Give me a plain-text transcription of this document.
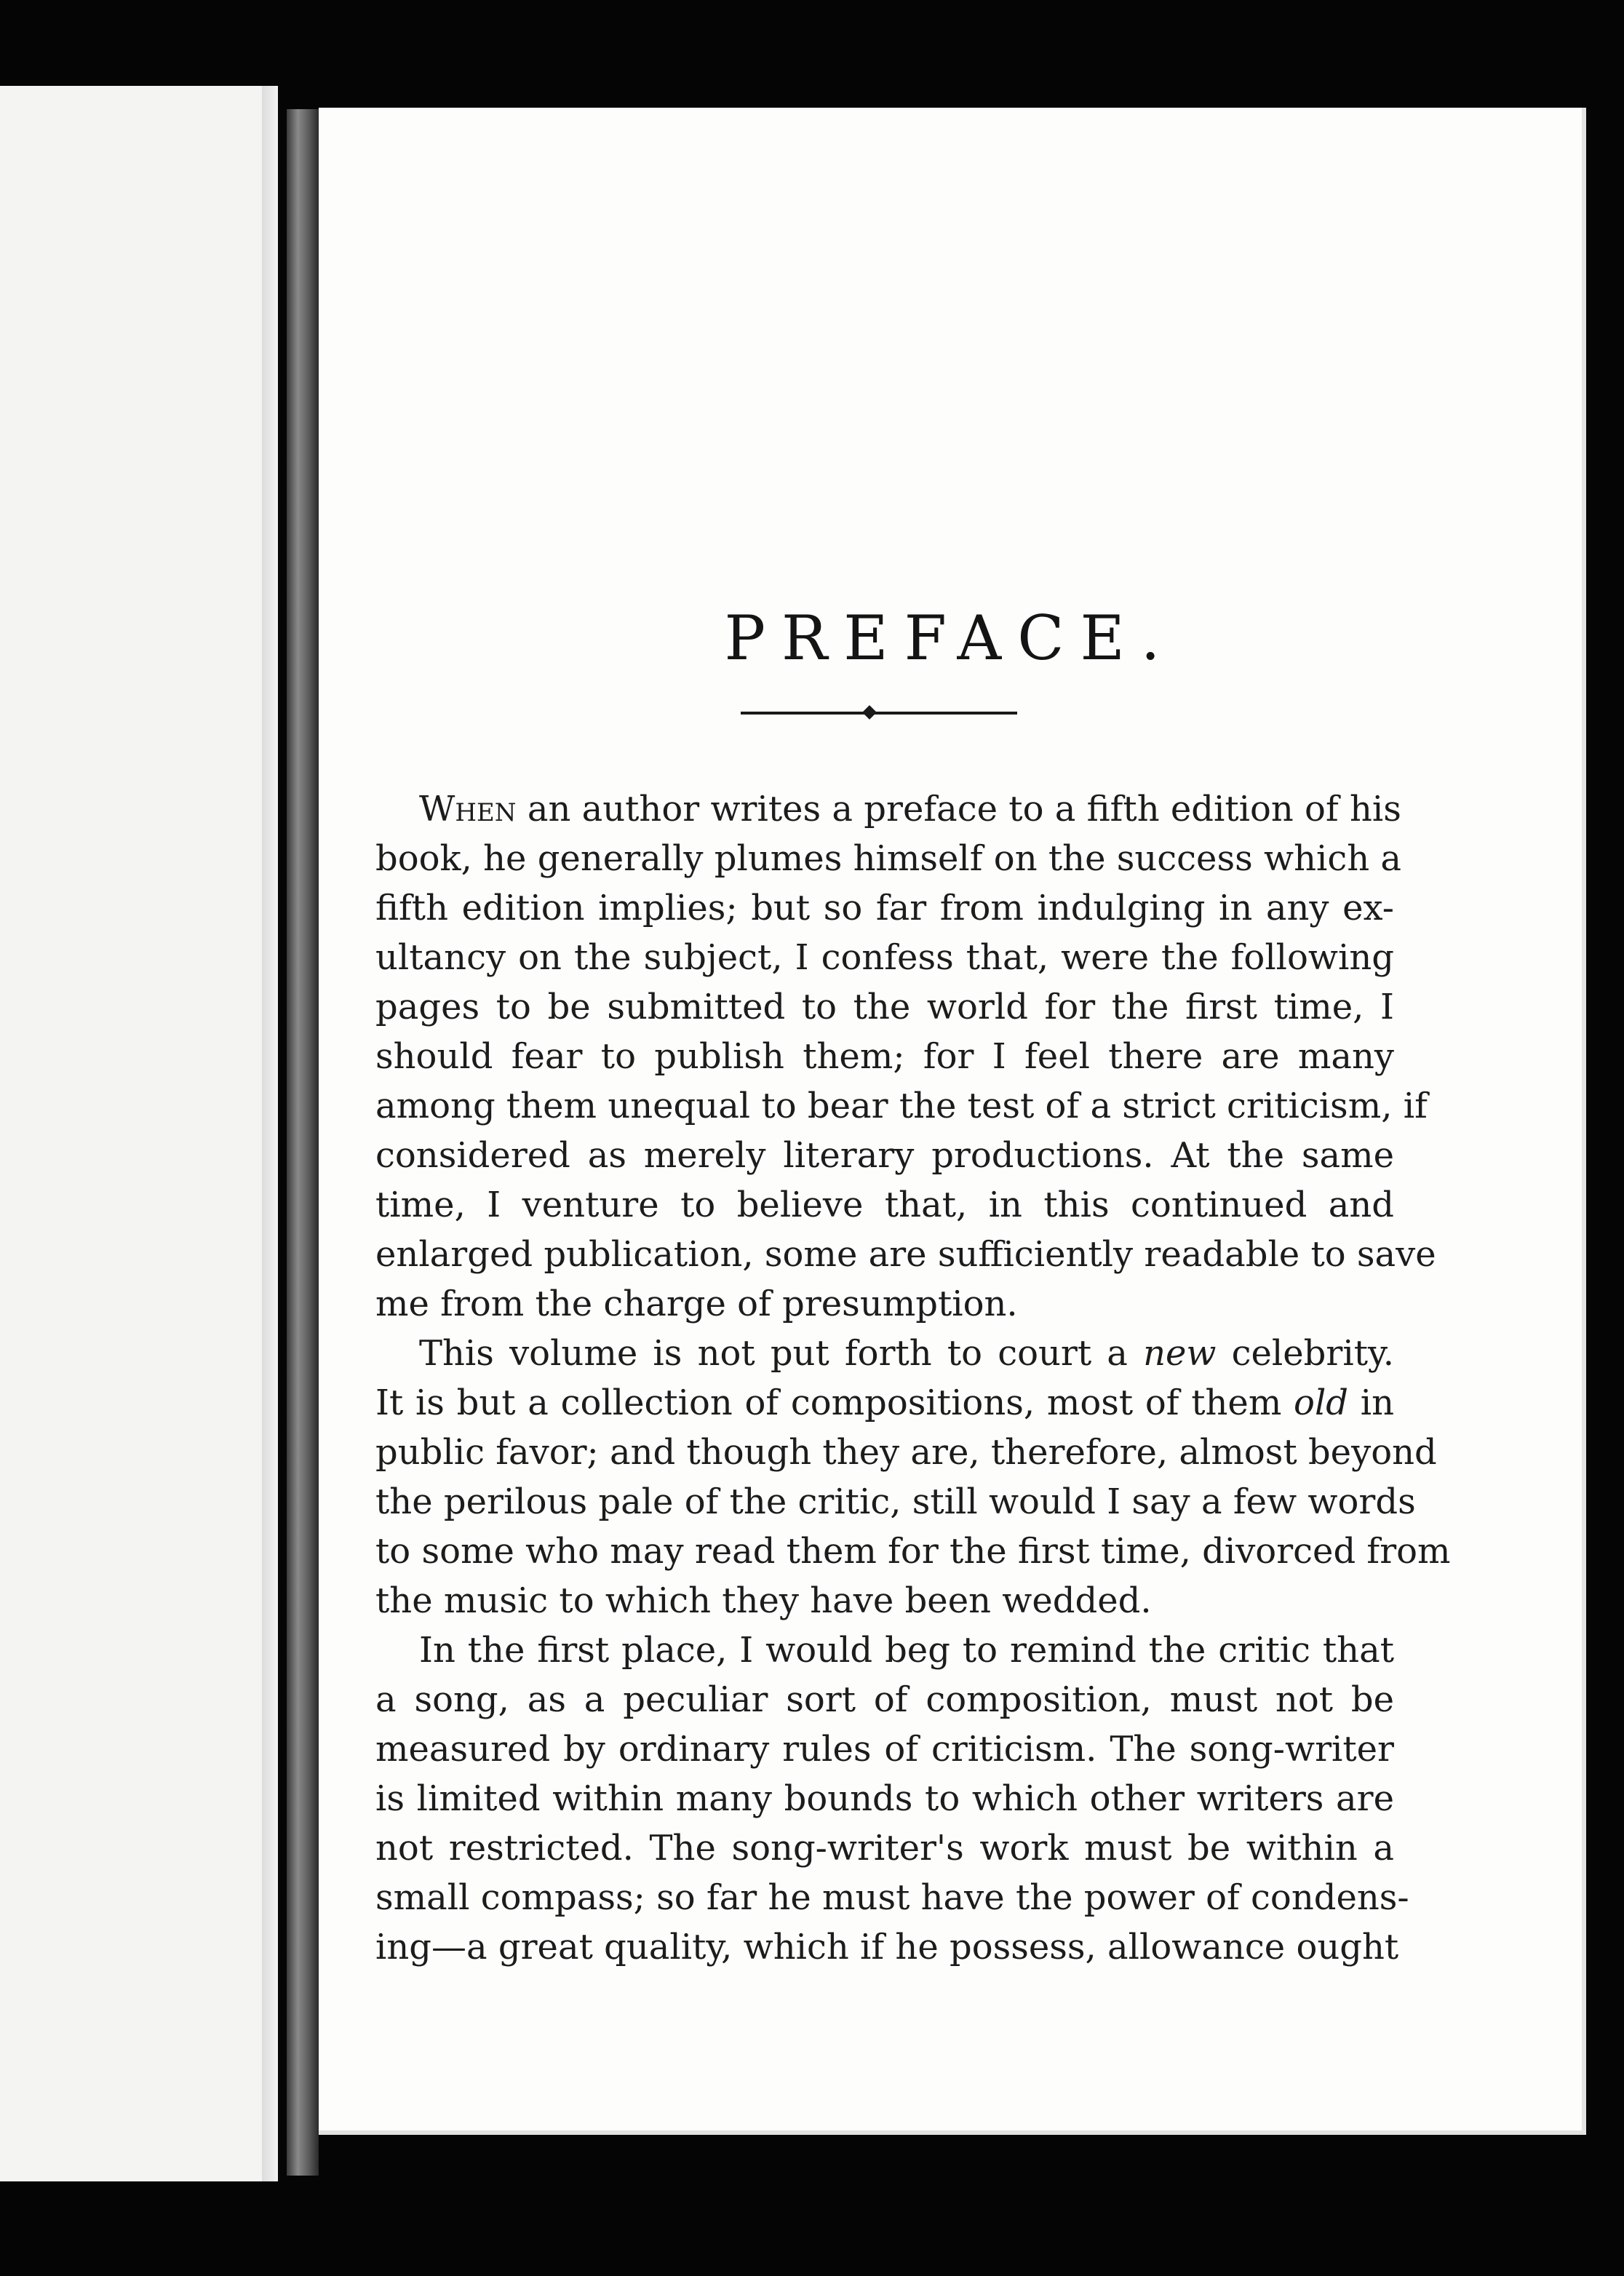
PREFACE.
When an author writes a preface to a fifth edition of his
book, he generally plumes himself on the success which a
fifth edition implies; but so far from indulging in any ex-
ultancy on the subject, I confess that, were the following
pages to be submitted to the world for the first time, I
should fear to publish them; for I feel there are many
among them unequal to bear the test of a strict criticism, if
considered as merely literary productions. At the same
time, I venture to believe that, in this continued and
enlarged publication, some are sufficiently readable to save
me from the charge of presumption.
This volume is not put forth to court a new celebrity.
It is but a collection of compositions, most of them old in
public favor; and though they are, therefore, almost beyond
the perilous pale of the critic, still would I say a few words
to some who may read them for the first time, divorced from
the music to which they have been wedded.
In the first place, I would beg to remind the critic that
a song, as a peculiar sort of composition, must not be
measured by ordinary rules of criticism. The song-writer
is limited within many bounds to which other writers are
not restricted. The song-writer's work must be within a
small compass; so far he must have the power of condens-
ing—a great quality, which if he possess, allowance ought
